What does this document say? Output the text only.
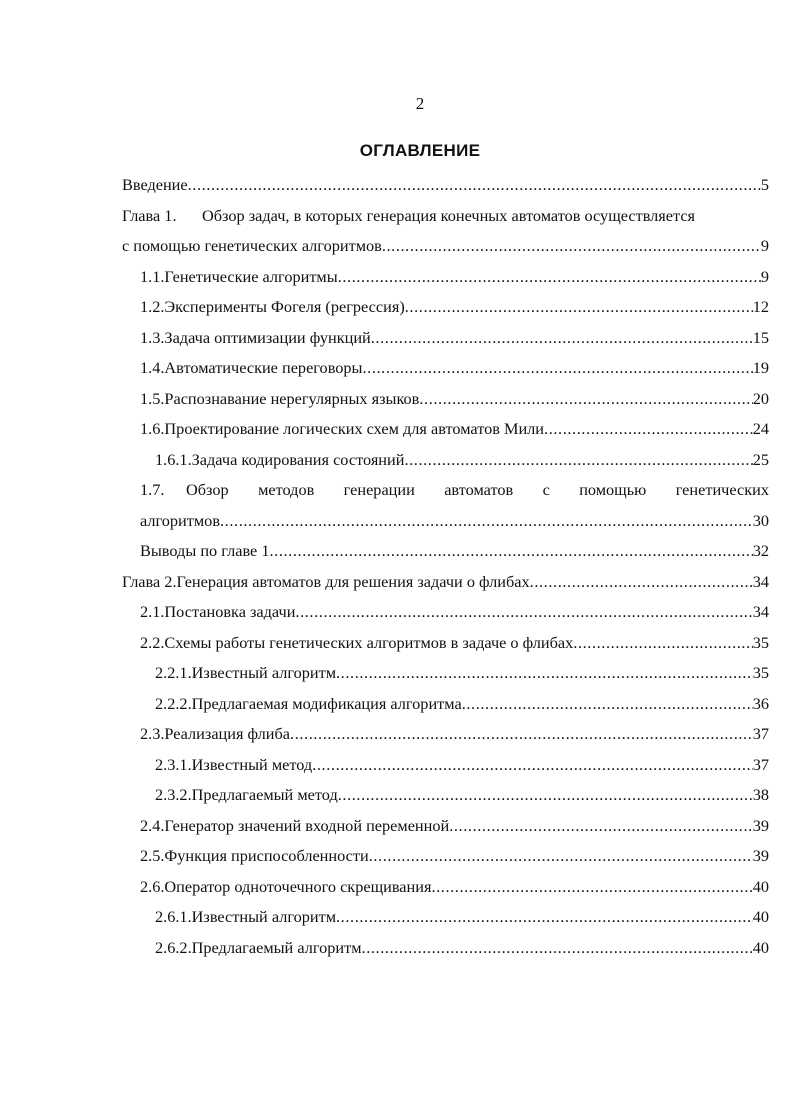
2
ОГЛАВЛЕНИЕ
Введение .....	5
Глава 1.	Обзор задач, в которых генерация конечных автоматов осуществляется
с помощью генетических алгоритмов .....	9
1.1. Генетические алгоритмы .....	9
1.2. Эксперименты Фогеля (регрессия) .....	12
1.3. Задача оптимизации функций .....	15
1.4. Автоматические переговоры .....	19
1.5. Распознавание нерегулярных языков .....	20
1.6. Проектирование логических схем для автоматов Мили .....	24
1.6.1. Задача кодирования состояний .....	25
1.7.	Обзор методов генерации автоматов с помощью генетических
алгоритмов .....	30
Выводы по главе 1 .....	32
Глава 2. Генерация автоматов для решения задачи о флибах .....	34
2.1. Постановка задачи .....	34
2.2. Схемы работы генетических алгоритмов в задаче о флибах .....	35
2.2.1. Известный алгоритм .....	35
2.2.2. Предлагаемая модификация алгоритма .....	36
2.3. Реализация флиба .....	37
2.3.1. Известный метод .....	37
2.3.2. Предлагаемый метод .....	38
2.4. Генератор значений входной переменной .....	39
2.5. Функция приспособленности .....	39
2.6. Оператор одноточечного скрещивания .....	40
2.6.1. Известный алгоритм .....	40
2.6.2. Предлагаемый алгоритм .....	40
